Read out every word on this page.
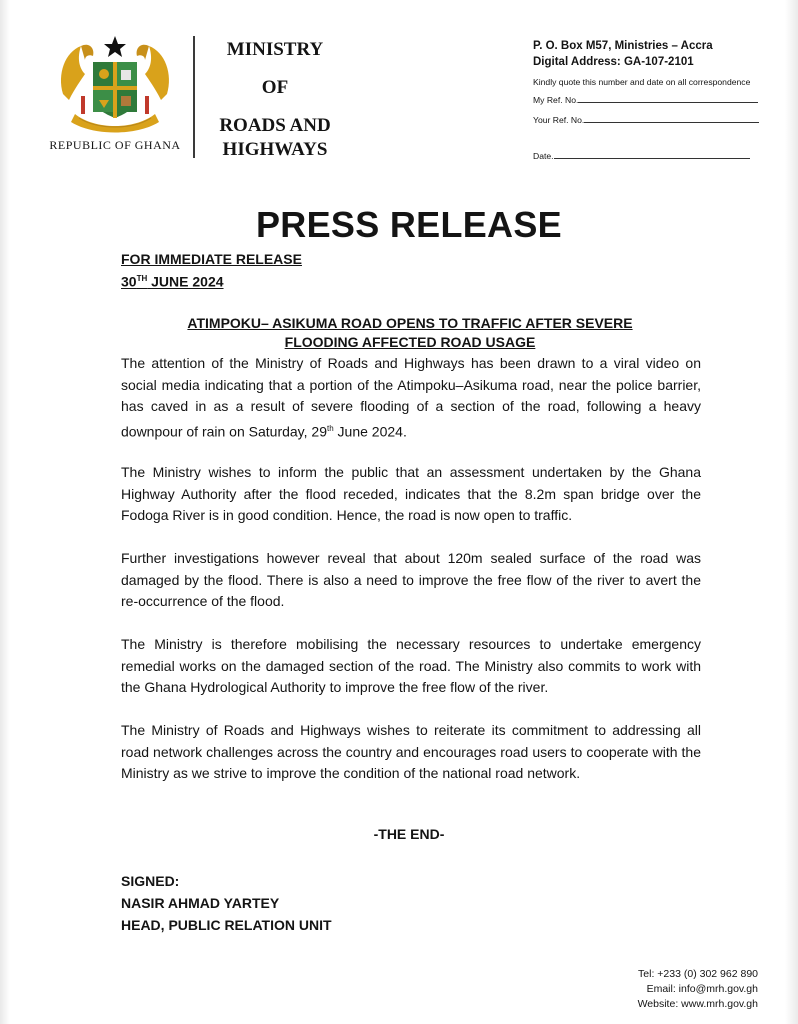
REPUBLIC OF GHANA
MINISTRY
OF
ROADS AND
HIGHWAYS
P. O. Box M57, Ministries – Accra
Digital Address: GA-107-2101
Kindly quote this number and date on all correspondence
My Ref. No.
Your Ref. No.
Date.
PRESS RELEASE
FOR IMMEDIATE RELEASE
30TH JUNE 2024
ATIMPOKU– ASIKUMA ROAD OPENS TO TRAFFIC AFTER SEVERE
FLOODING AFFECTED ROAD USAGE

The attention of the Ministry of Roads and Highways has been drawn to a viral video on social media indicating that a portion of the Atimpoku–Asikuma road, near the police barrier, has caved in as a result of severe flooding of a section of the road, following a heavy downpour of rain on Saturday, 29th June 2024.

The Ministry wishes to inform the public that an assessment undertaken by the Ghana Highway Authority after the flood receded, indicates that the 8.2m span bridge over the Fodoga River is in good condition. Hence, the road is now open to traffic.

Further investigations however reveal that about 120m sealed surface of the road was damaged by the flood. There is also a need to improve the free flow of the river to avert the re-occurrence of the flood.

The Ministry is therefore mobilising the necessary resources to undertake emergency remedial works on the damaged section of the road. The Ministry also commits to work with the Ghana Hydrological Authority to improve the free flow of the river.

The Ministry of Roads and Highways wishes to reiterate its commitment to addressing all road network challenges across the country and encourages road users to cooperate with the Ministry as we strive to improve the condition of the national road network.

-THE END-
SIGNED:
NASIR AHMAD YARTEY
HEAD, PUBLIC RELATION UNIT
Tel: +233 (0) 302 962 890
Email: info@mrh.gov.gh
Website: www.mrh.gov.gh
